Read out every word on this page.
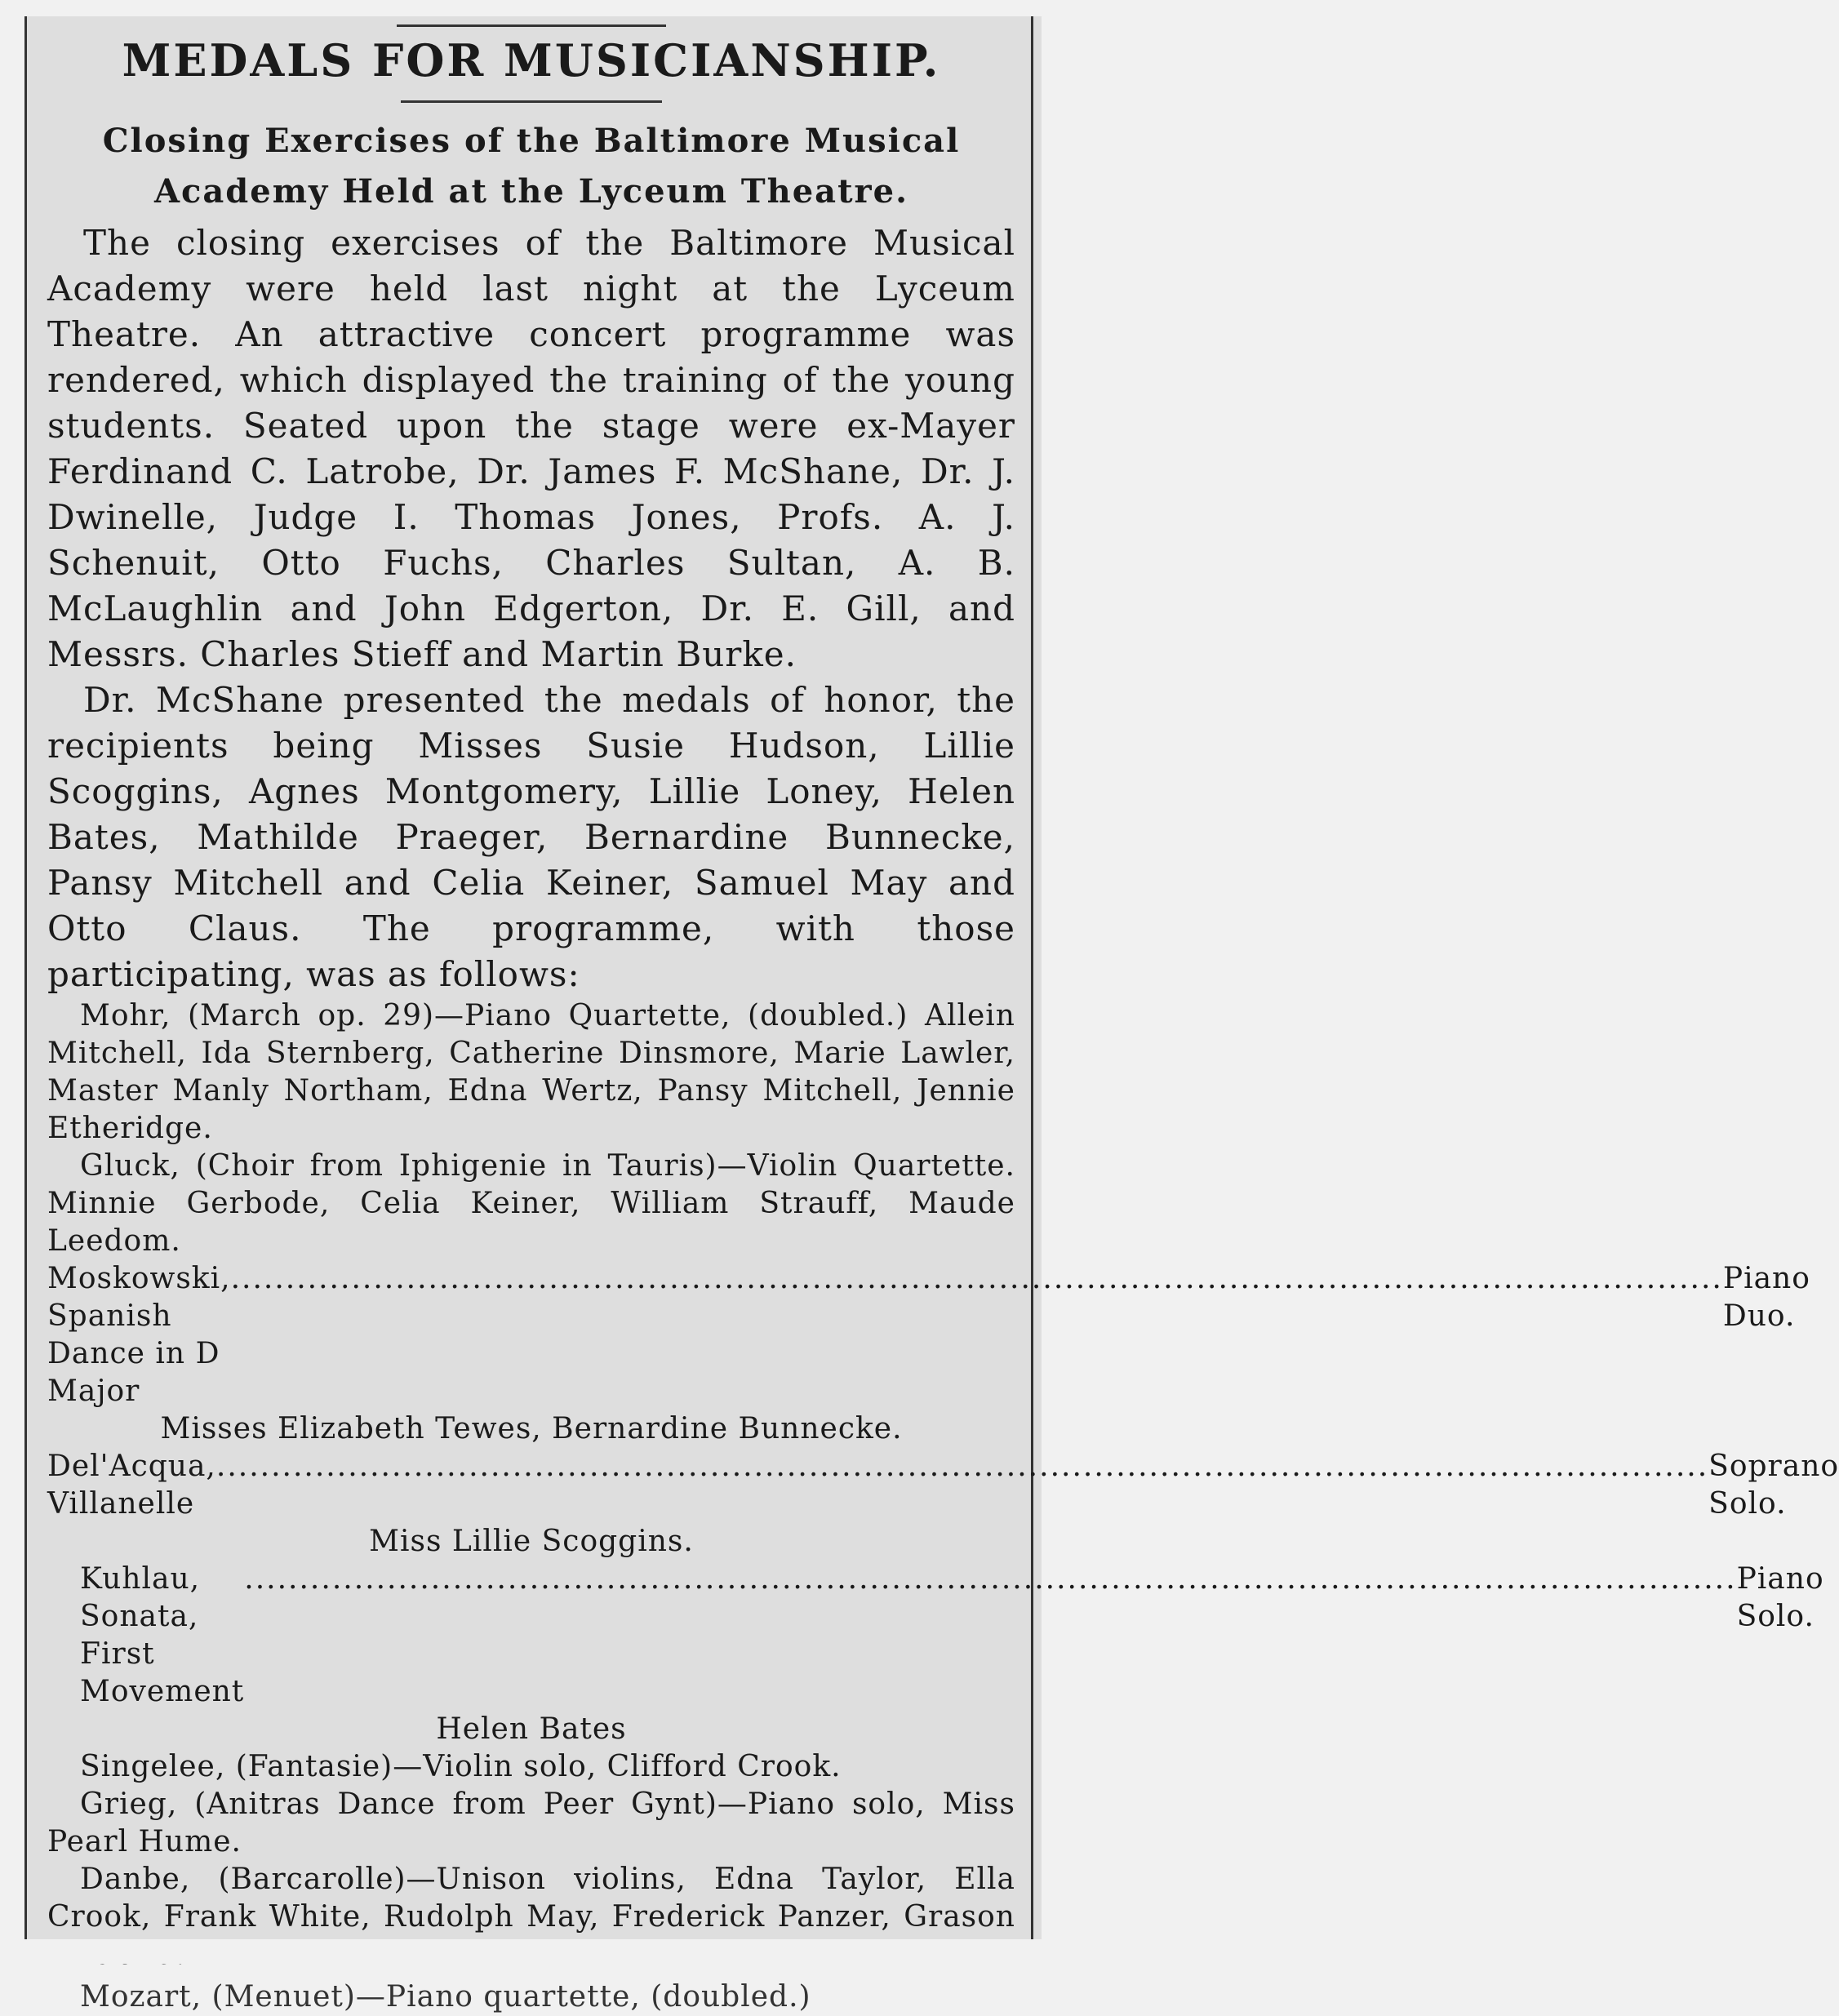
MEDALS FOR MUSICIANSHIP.
Closing Exercises of the Baltimore Musical Academy Held at the Lyceum Theatre.

The closing exercises of the Baltimore Musical Academy were held last night at the Lyceum Theatre. An attractive concert programme was rendered, which displayed the training of the young students. Seated upon the stage were ex-Mayer Ferdinand C. Latrobe, Dr. James F. McShane, Dr. J. Dwinelle, Judge I. Thomas Jones, Profs. A. J. Schenuit, Otto Fuchs, Charles Sultan, A. B. McLaughlin and John Edgerton, Dr. E. Gill, and Messrs. Charles Stieff and Martin Burke.

Dr. McShane presented the medals of honor, the recipients being Misses Susie Hudson, Lillie Scoggins, Agnes Montgomery, Lillie Loney, Helen Bates, Mathilde Praeger, Bernardine Bunnecke, Pansy Mitchell and Celia Keiner, Samuel May and Otto Claus. The programme, with those participating, was as follows:

Mohr, (March op. 29)—Piano Quartette, (doubled.) Allein Mitchell, Ida Sternberg, Catherine Dinsmore, Marie Lawler, Master Manly Northam, Edna Wertz, Pansy Mitchell, Jennie Etheridge.

Gluck, (Choir from Iphigenie in Tauris)—Violin Quartette. Minnie Gerbode, Celia Keiner, William Strauff, Maude Leedom.

Moskowski, Spanish Dance in D Major
.....
Piano Duo.

Misses Elizabeth Tewes, Bernardine Bunnecke.

Del'Acqua, Villanelle
.....
Soprano Solo.

Miss Lillie Scoggins.

Kuhlau, Sonata, First Movement
.....
Piano Solo.

Helen Bates

Singelee, (Fantasie)—Violin solo, Clifford Crook.

Grieg, (Anitras Dance from Peer Gynt)—Piano solo, Miss Pearl Hume.

Danbe, (Barcarolle)—Unison violins, Edna Taylor, Ella Crook, Frank White, Rudolph May, Frederick Panzer, Grason

Mozart, (Menuet)—Piano quartette, (doubled.)
